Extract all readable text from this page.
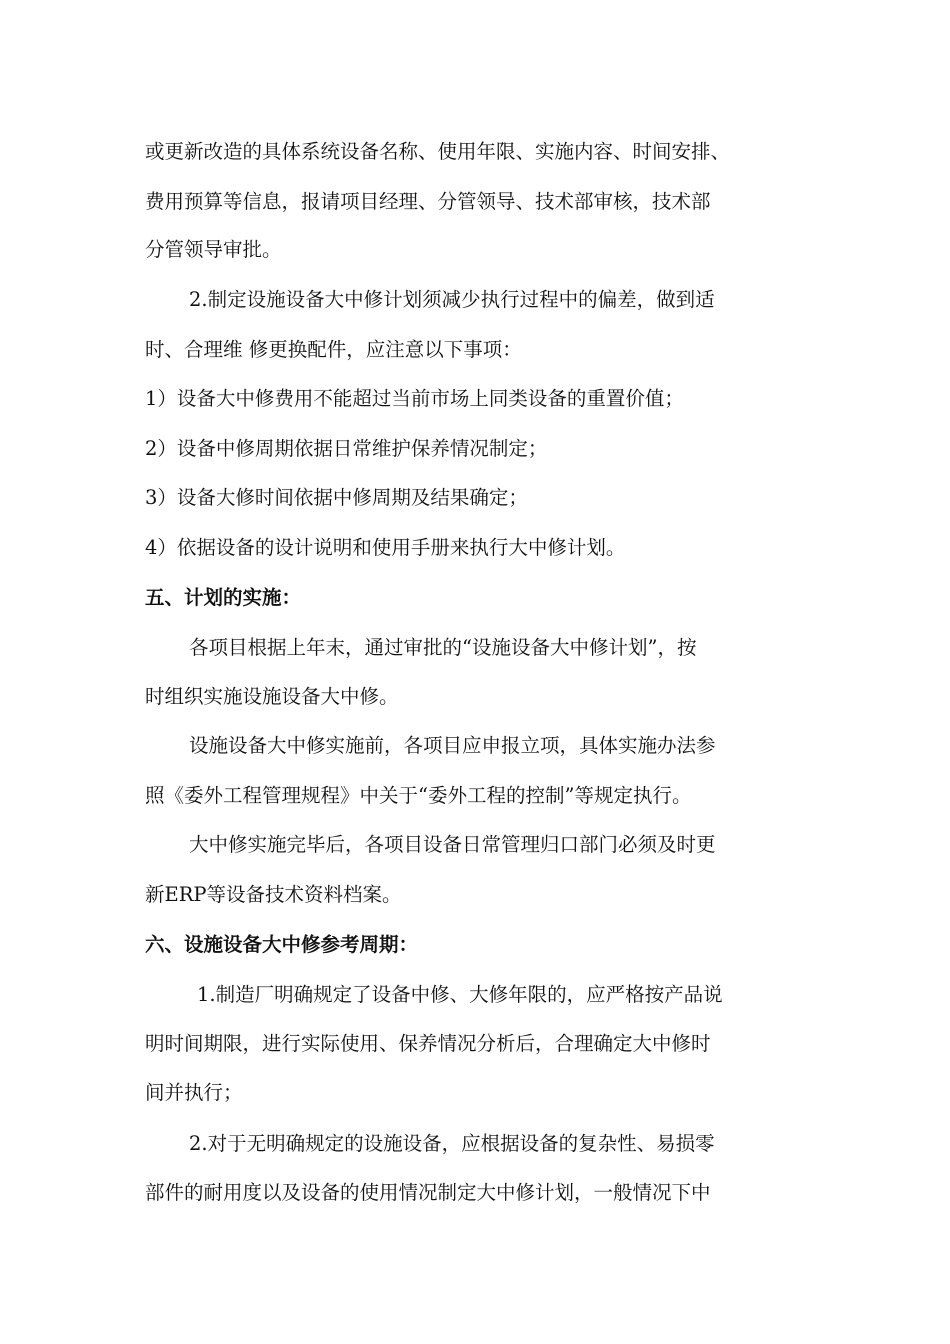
或更新改造的具体系统设备名称、使用年限、实施内容、时间安排、

费用预算等信息，报请项目经理、分管领导、技术部审核，技术部

分管领导审批。

2.制定设施设备大中修计划须减少执行过程中的偏差，做到适

时、合理维 修更换配件，应注意以下事项：

1）设备大中修费用不能超过当前市场上同类设备的重置价值；

2）设备中修周期依据日常维护保养情况制定；

3）设备大修时间依据中修周期及结果确定；

4）依据设备的设计说明和使用手册来执行大中修计划。

五、计划的实施：

各项目根据上年末，通过审批的“设施设备大中修计划”，按

时组织实施设施设备大中修。

设施设备大中修实施前，各项目应申报立项，具体实施办法参

照《委外工程管理规程》中关于“委外工程的控制”等规定执行。

大中修实施完毕后，各项目设备日常管理归口部门必须及时更

新ERP等设备技术资料档案。

六、设施设备大中修参考周期：

1.制造厂明确规定了设备中修、大修年限的，应严格按产品说

明时间期限，进行实际使用、保养情况分析后，合理确定大中修时

间并执行；

2.对于无明确规定的设施设备，应根据设备的复杂性、易损零

部件的耐用度以及设备的使用情况制定大中修计划，一般情况下中
